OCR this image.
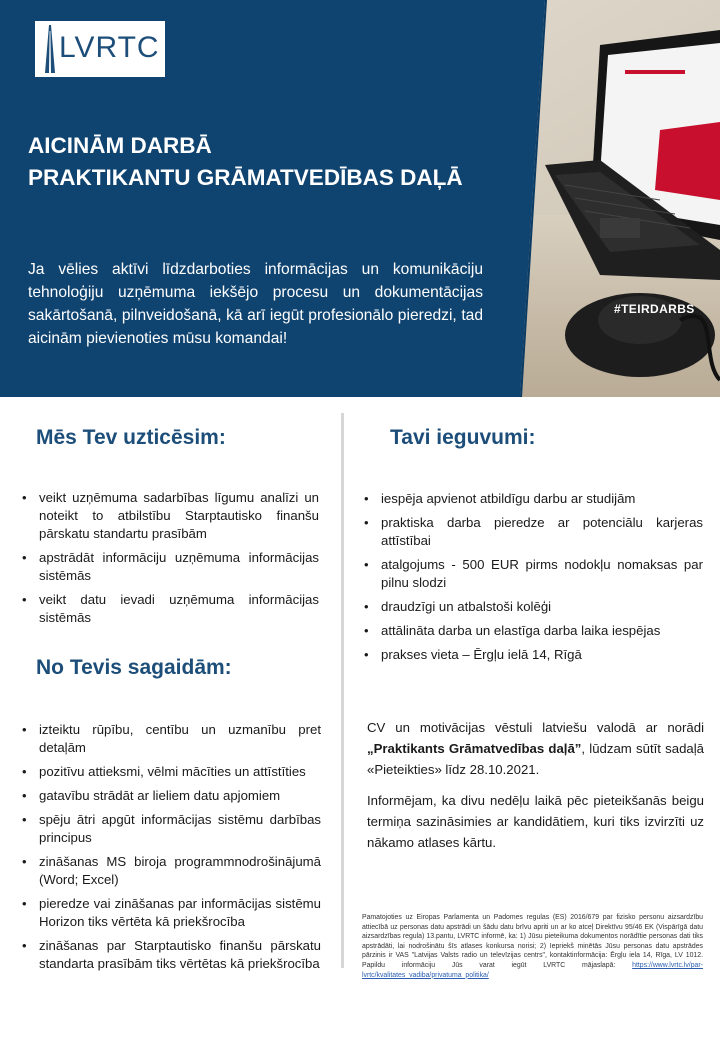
LVRTC
AICINĀM DARBĀ
PRAKTIKANTU GRĀMATVEDĪBAS DAĻĀ

Ja vēlies aktīvi līdzdarboties informācijas un komunikāciju tehnoloģiju uzņēmuma iekšējo procesu un dokumentācijas sakārtošanā, pilnveidošanā, kā arī iegūt profesionālo pieredzi, tad aicinām pievienoties mūsu komandai!

#TEIRDARBS
Mēs Tev uzticēsim:
• veikt uzņēmuma sadarbības līgumu analīzi un noteikt to atbilstību Starptautisko finanšu pārskatu standartu prasībām
• apstrādāt informāciju uzņēmuma informācijas sistēmās
• veikt datu ievadi uzņēmuma informācijas sistēmās
Tavi ieguvumi:
• iespēja apvienot atbildīgu darbu ar studijām
• praktiska darba pieredze ar potenciālu karjeras attīstībai
• atalgojums - 500 EUR pirms nodokļu nomaksas par pilnu slodzi
• draudzīgi un atbalstoši kolēģi
• attālināta darba un elastīga darba laika iespējas
• prakses vieta – Ērgļu ielā 14, Rīgā
No Tevis sagaidām:
• izteiktu rūpību, centību un uzmanību pret detaļām
• pozitīvu attieksmi, vēlmi mācīties un attīstīties
• gatavību strādāt ar lieliem datu apjomiem
• spēju ātri apgūt informācijas sistēmu darbības principus
• zināšanas MS biroja programmnodrošinājumā (Word; Excel)
• pieredze vai zināšanas par informācijas sistēmu Horizon tiks vērtēta kā priekšrocība
• zināšanas par Starptautisko finanšu pārskatu standarta prasībām tiks vērtētas kā priekšrocība

CV un motivācijas vēstuli latviešu valodā ar norādi „Praktikants Grāmatvedības daļā”, lūdzam sūtīt sadaļā «Pieteikties» līdz 28.10.2021.

Informējam, ka divu nedēļu laikā pēc pieteikšanās beigu termiņa sazināsimies ar kandidātiem, kuri tiks izvirzīti uz nākamo atlases kārtu.

Pamatojoties uz Eiropas Parlamenta un Padomes regulas (ES) 2016/679 par fizisko personu aizsardzību attiecībā uz personas datu apstrādi un šādu datu brīvu apriti un ar ko atceļ Direktīvu 95/46 EK (Vispārīgā datu aizsardzības regula) 13.pantu, LVRTC informē, ka: 1) Jūsu pieteikuma dokumentos norādītie personas dati tiks apstrādāti, lai nodrošinātu šīs atlases konkursa norisi; 2) Iepriekš minētās Jūsu personas datu apstrādes pārzinis ir VAS "Latvijas Valsts radio un televīzijas centrs", kontaktinformācija: Ērgļu iela 14, Rīga, LV 1012. Papildu informāciju Jūs varat iegūt LVRTC mājaslapā: https://www.lvrtc.lv/par-lvrtc/kvalitates_vadiba/privatuma_politika/
